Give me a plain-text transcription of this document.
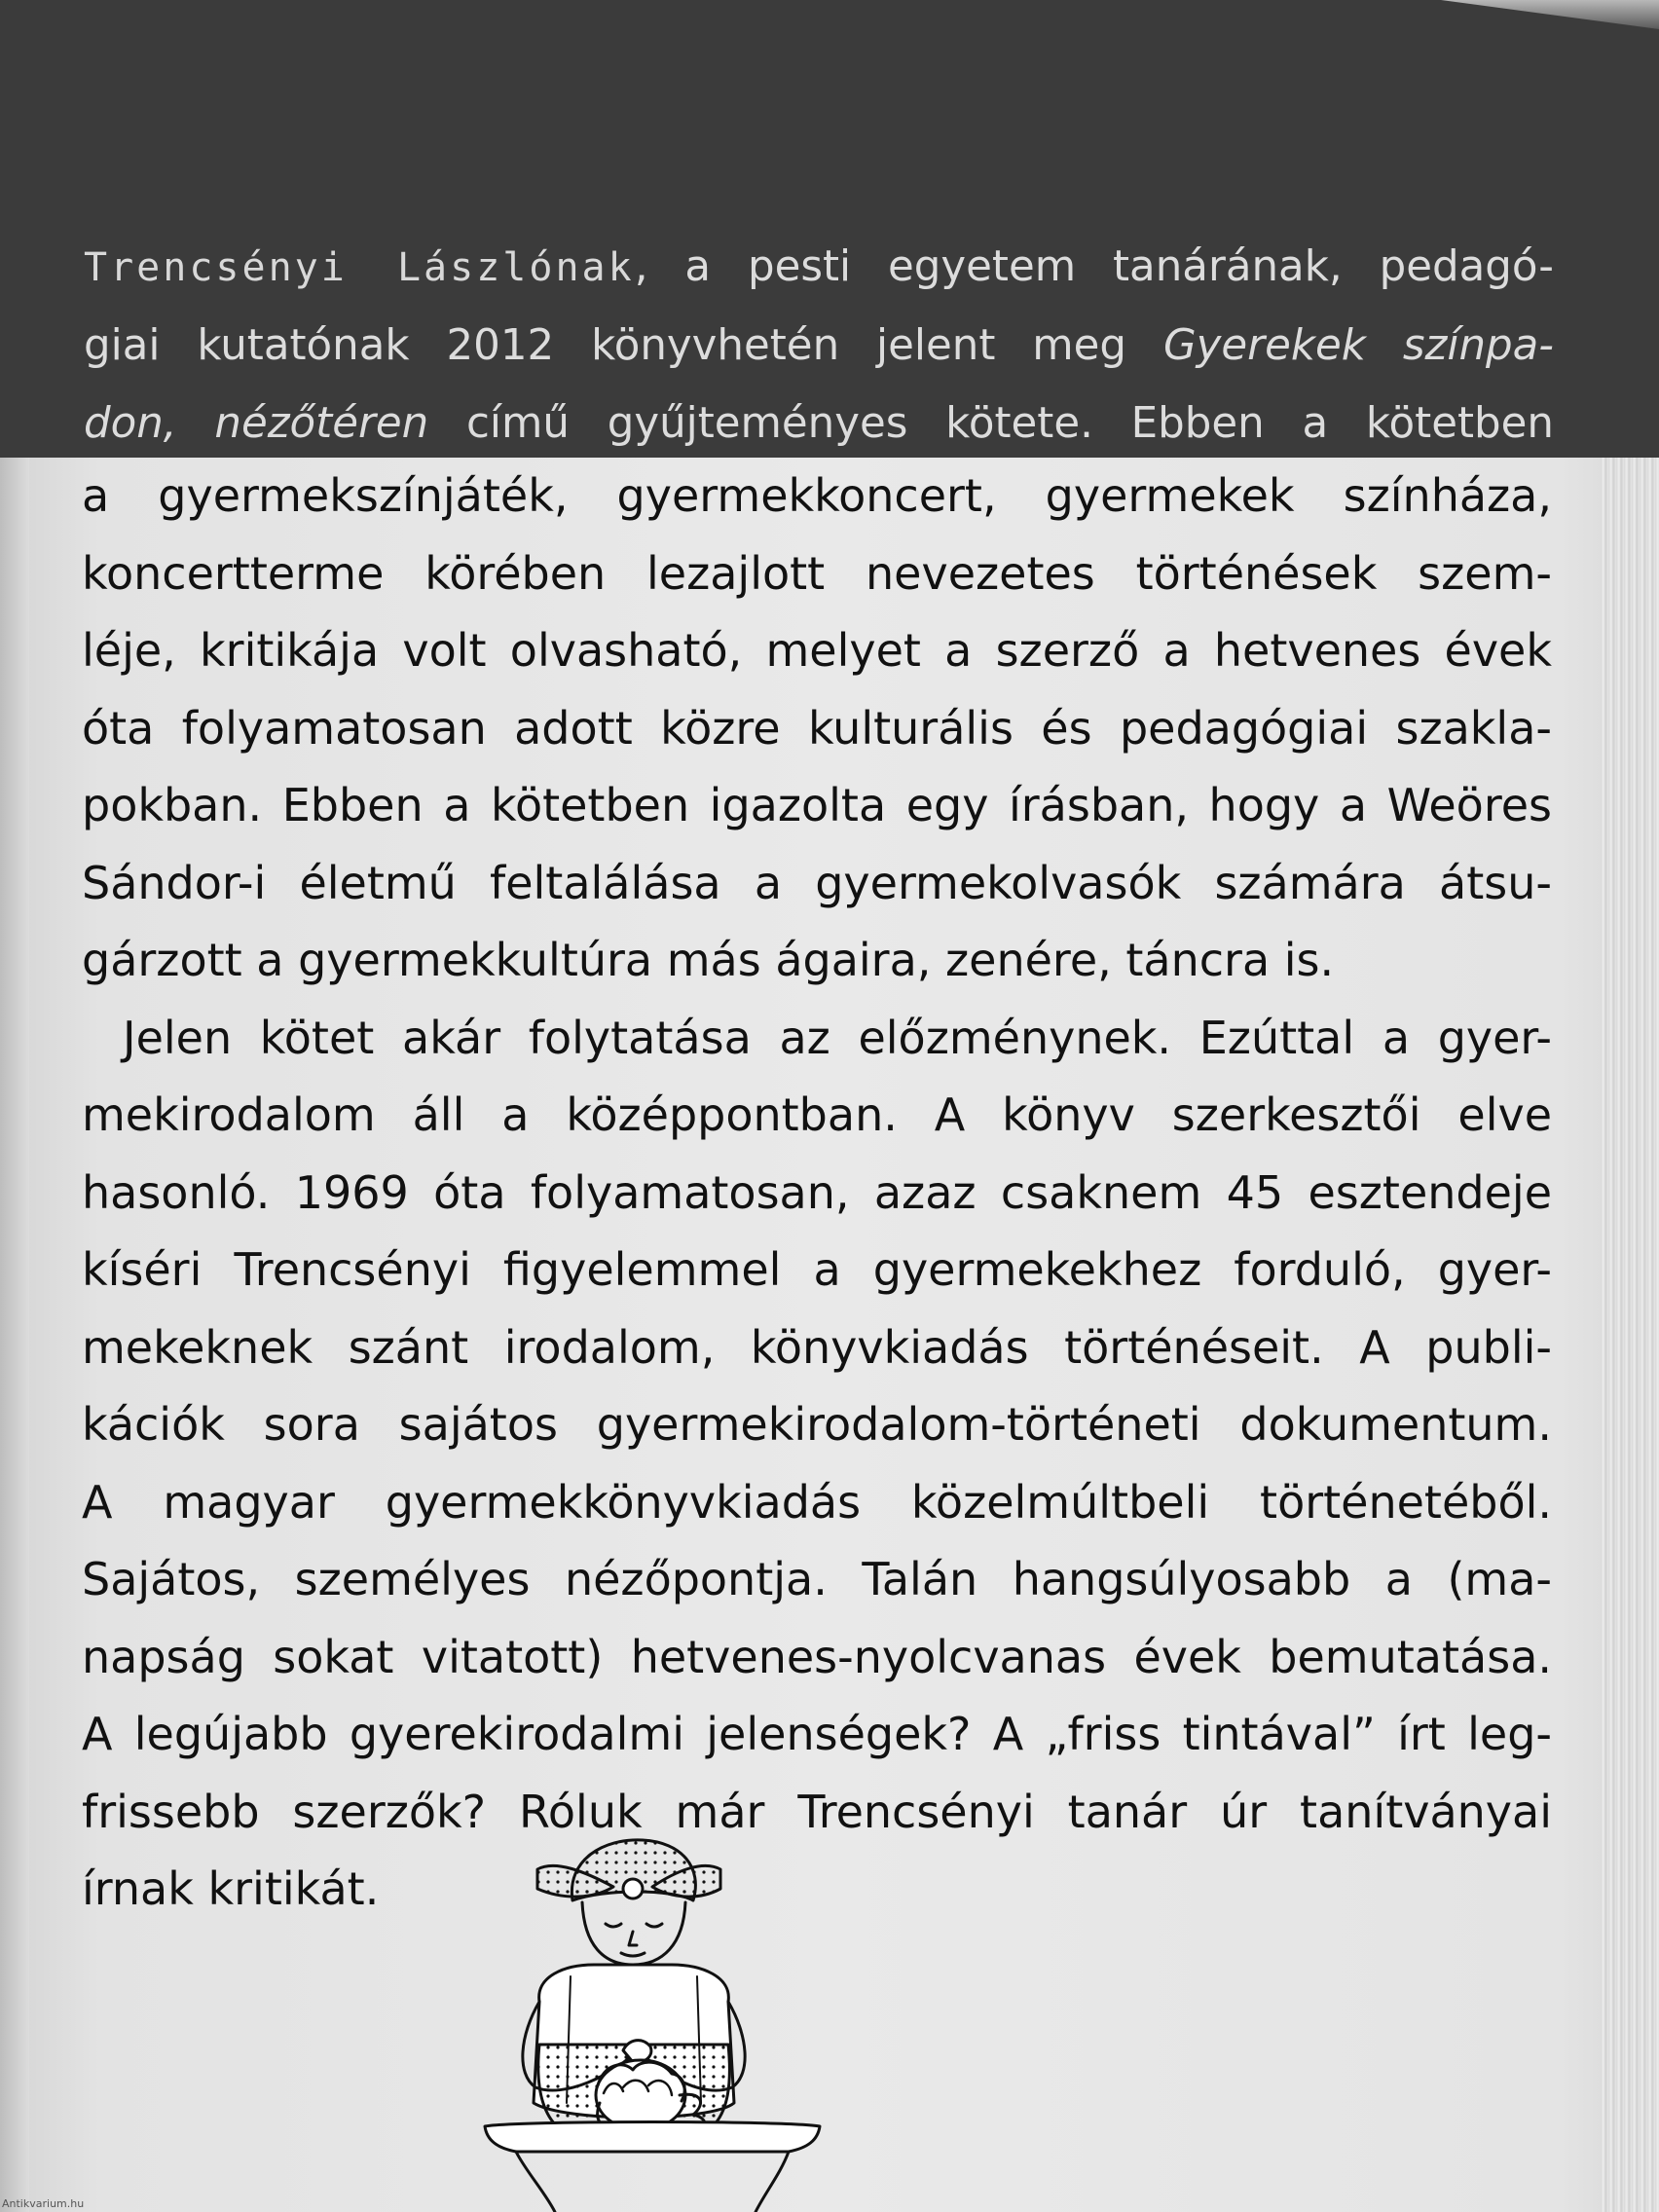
Trencsényi Lászlónak, a pesti egyetem tanárának, pedagó-
giai kutatónak 2012 könyvhetén jelent meg Gyerekek színpa-
don, nézőtéren című gyűjteményes kötete. Ebben a kötetben
a gyermekszínjáték, gyermekkoncert, gyermekek színháza,
koncertterme körében lezajlott nevezetes történések szem-
léje, kritikája volt olvasható, melyet a szerző a hetvenes évek
óta folyamatosan adott közre kulturális és pedagógiai szakla-
pokban. Ebben a kötetben igazolta egy írásban, hogy a Weöres
Sándor-i életmű feltalálása a gyermekolvasók számára átsu-
gárzott a gyermekkultúra más ágaira, zenére, táncra is.
Jelen kötet akár folytatása az előzménynek. Ezúttal a gyer-
mekirodalom áll a középpontban. A könyv szerkesztői elve
hasonló. 1969 óta folyamatosan, azaz csaknem 45 esztendeje
kíséri Trencsényi figyelemmel a gyermekekhez forduló, gyer-
mekeknek szánt irodalom, könyvkiadás történéseit. A publi-
kációk sora sajátos gyermekirodalom-történeti dokumentum.
A magyar gyermekkönyvkiadás közelmúltbeli történetéből.
Sajátos, személyes nézőpontja. Talán hangsúlyosabb a (ma-
napság sokat vitatott) hetvenes-nyolcvanas évek bemutatása.
A legújabb gyerekirodalmi jelenségek? A „friss tintával” írt leg-
frissebb szerzők? Róluk már Trencsényi tanár úr tanítványai
írnak kritikát.
Antikvarium.hu
